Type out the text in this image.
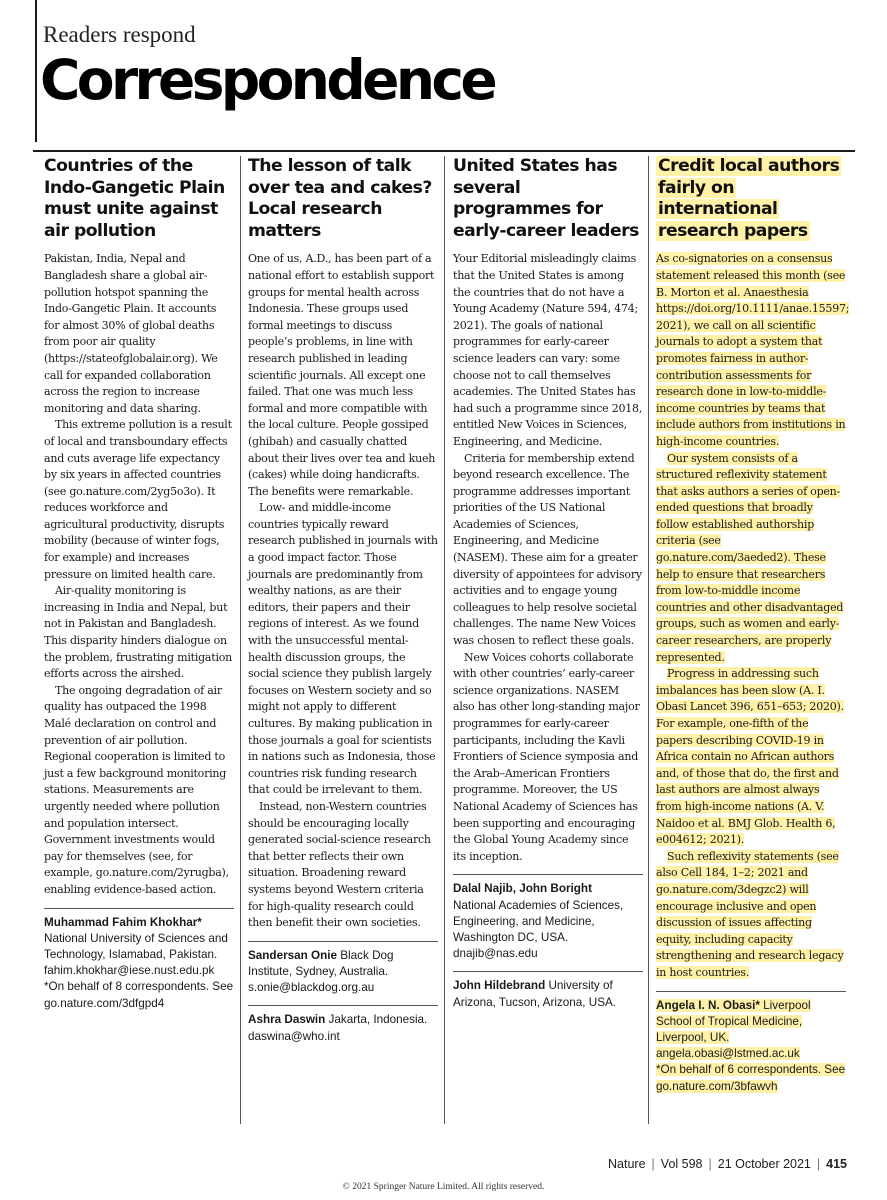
Readers respond
Correspondence
Countries of the Indo-Gangetic Plain must unite against air pollution
Pakistan, India, Nepal and Bangladesh share a global air-pollution hotspot spanning the Indo-Gangetic Plain. It accounts for almost 30% of global deaths from poor air quality (https://stateofglobalair.org). We call for expanded collaboration across the region to increase monitoring and data sharing.
This extreme pollution is a result of local and transboundary effects and cuts average life expectancy by six years in affected countries (see go.nature.com/2yg5o3o). It reduces workforce and agricultural productivity, disrupts mobility (because of winter fogs, for example) and increases pressure on limited health care.
Air-quality monitoring is increasing in India and Nepal, but not in Pakistan and Bangladesh. This disparity hinders dialogue on the problem, frustrating mitigation efforts across the airshed.
The ongoing degradation of air quality has outpaced the 1998 Malé declaration on control and prevention of air pollution. Regional cooperation is limited to just a few background monitoring stations. Measurements are urgently needed where pollution and population intersect. Government investments would pay for themselves (see, for example, go.nature.com/2yrugba), enabling evidence-based action.
Muhammad Fahim Khokhar*
National University of Sciences and Technology, Islamabad, Pakistan.
fahim.khokhar@iese.nust.edu.pk
*On behalf of 8 correspondents. See go.nature.com/3dfgpd4
The lesson of talk over tea and cakes? Local research matters
One of us, A.D., has been part of a national effort to establish support groups for mental health across Indonesia. These groups used formal meetings to discuss people’s problems, in line with research published in leading scientific journals. All except one failed. That one was much less formal and more compatible with the local culture. People gossiped (ghibah) and casually chatted about their lives over tea and kueh (cakes) while doing handicrafts. The benefits were remarkable.
Low- and middle-income countries typically reward research published in journals with a good impact factor. Those journals are predominantly from wealthy nations, as are their editors, their papers and their regions of interest. As we found with the unsuccessful mental-health discussion groups, the social science they publish largely focuses on Western society and so might not apply to different cultures. By making publication in those journals a goal for scientists in nations such as Indonesia, those countries risk funding research that could be irrelevant to them.
Instead, non-Western countries should be encouraging locally generated social-science research that better reflects their own situation. Broadening reward systems beyond Western criteria for high-quality research could then benefit their own societies.
Sandersan Onie Black Dog Institute, Sydney, Australia.
s.onie@blackdog.org.au
Ashra Daswin Jakarta, Indonesia.
daswina@who.int
United States has several programmes for early-career leaders
Your Editorial misleadingly claims that the United States is among the countries that do not have a Young Academy (Nature 594, 474; 2021). The goals of national programmes for early-career science leaders can vary: some choose not to call themselves academies. The United States has had such a programme since 2018, entitled New Voices in Sciences, Engineering, and Medicine.
Criteria for membership extend beyond research excellence. The programme addresses important priorities of the US National Academies of Sciences, Engineering, and Medicine (NASEM). These aim for a greater diversity of appointees for advisory activities and to engage young colleagues to help resolve societal challenges. The name New Voices was chosen to reflect these goals.
New Voices cohorts collaborate with other countries’ early-career science organizations. NASEM also has other long-standing major programmes for early-career participants, including the Kavli Frontiers of Science symposia and the Arab–American Frontiers programme. Moreover, the US National Academy of Sciences has been supporting and encouraging the Global Young Academy since its inception.
Dalal Najib, John Boright
National Academies of Sciences, Engineering, and Medicine, Washington DC, USA.
dnajib@nas.edu
John Hildebrand University of Arizona, Tucson, Arizona, USA.
Credit local authors fairly on international research papers
As co-signatories on a consensus statement released this month (see B. Morton et al. Anaesthesia https://doi.org/10.1111/anae.15597; 2021), we call on all scientific journals to adopt a system that promotes fairness in author-contribution assessments for research done in low-to-middle-income countries by teams that include authors from institutions in high-income countries.
Our system consists of a structured reflexivity statement that asks authors a series of open-ended questions that broadly follow established authorship criteria (see go.nature.com/3aeded2). These help to ensure that researchers from low-to-middle income countries and other disadvantaged groups, such as women and early-career researchers, are properly represented.
Progress in addressing such imbalances has been slow (A. I. Obasi Lancet 396, 651–653; 2020). For example, one-fifth of the papers describing COVID-19 in Africa contain no African authors and, of those that do, the first and last authors are almost always from high-income nations (A. V. Naidoo et al. BMJ Glob. Health 6, e004612; 2021).
Such reflexivity statements (see also Cell 184, 1–2; 2021 and go.nature.com/3degzc2) will encourage inclusive and open discussion of issues affecting equity, including capacity strengthening and research legacy in host countries.
Angela I. N. Obasi* Liverpool School of Tropical Medicine, Liverpool, UK.
angela.obasi@lstmed.ac.uk
*On behalf of 6 correspondents. See go.nature.com/3bfawvh
Nature | Vol 598 | 21 October 2021 | 415
© 2021 Springer Nature Limited. All rights reserved.
